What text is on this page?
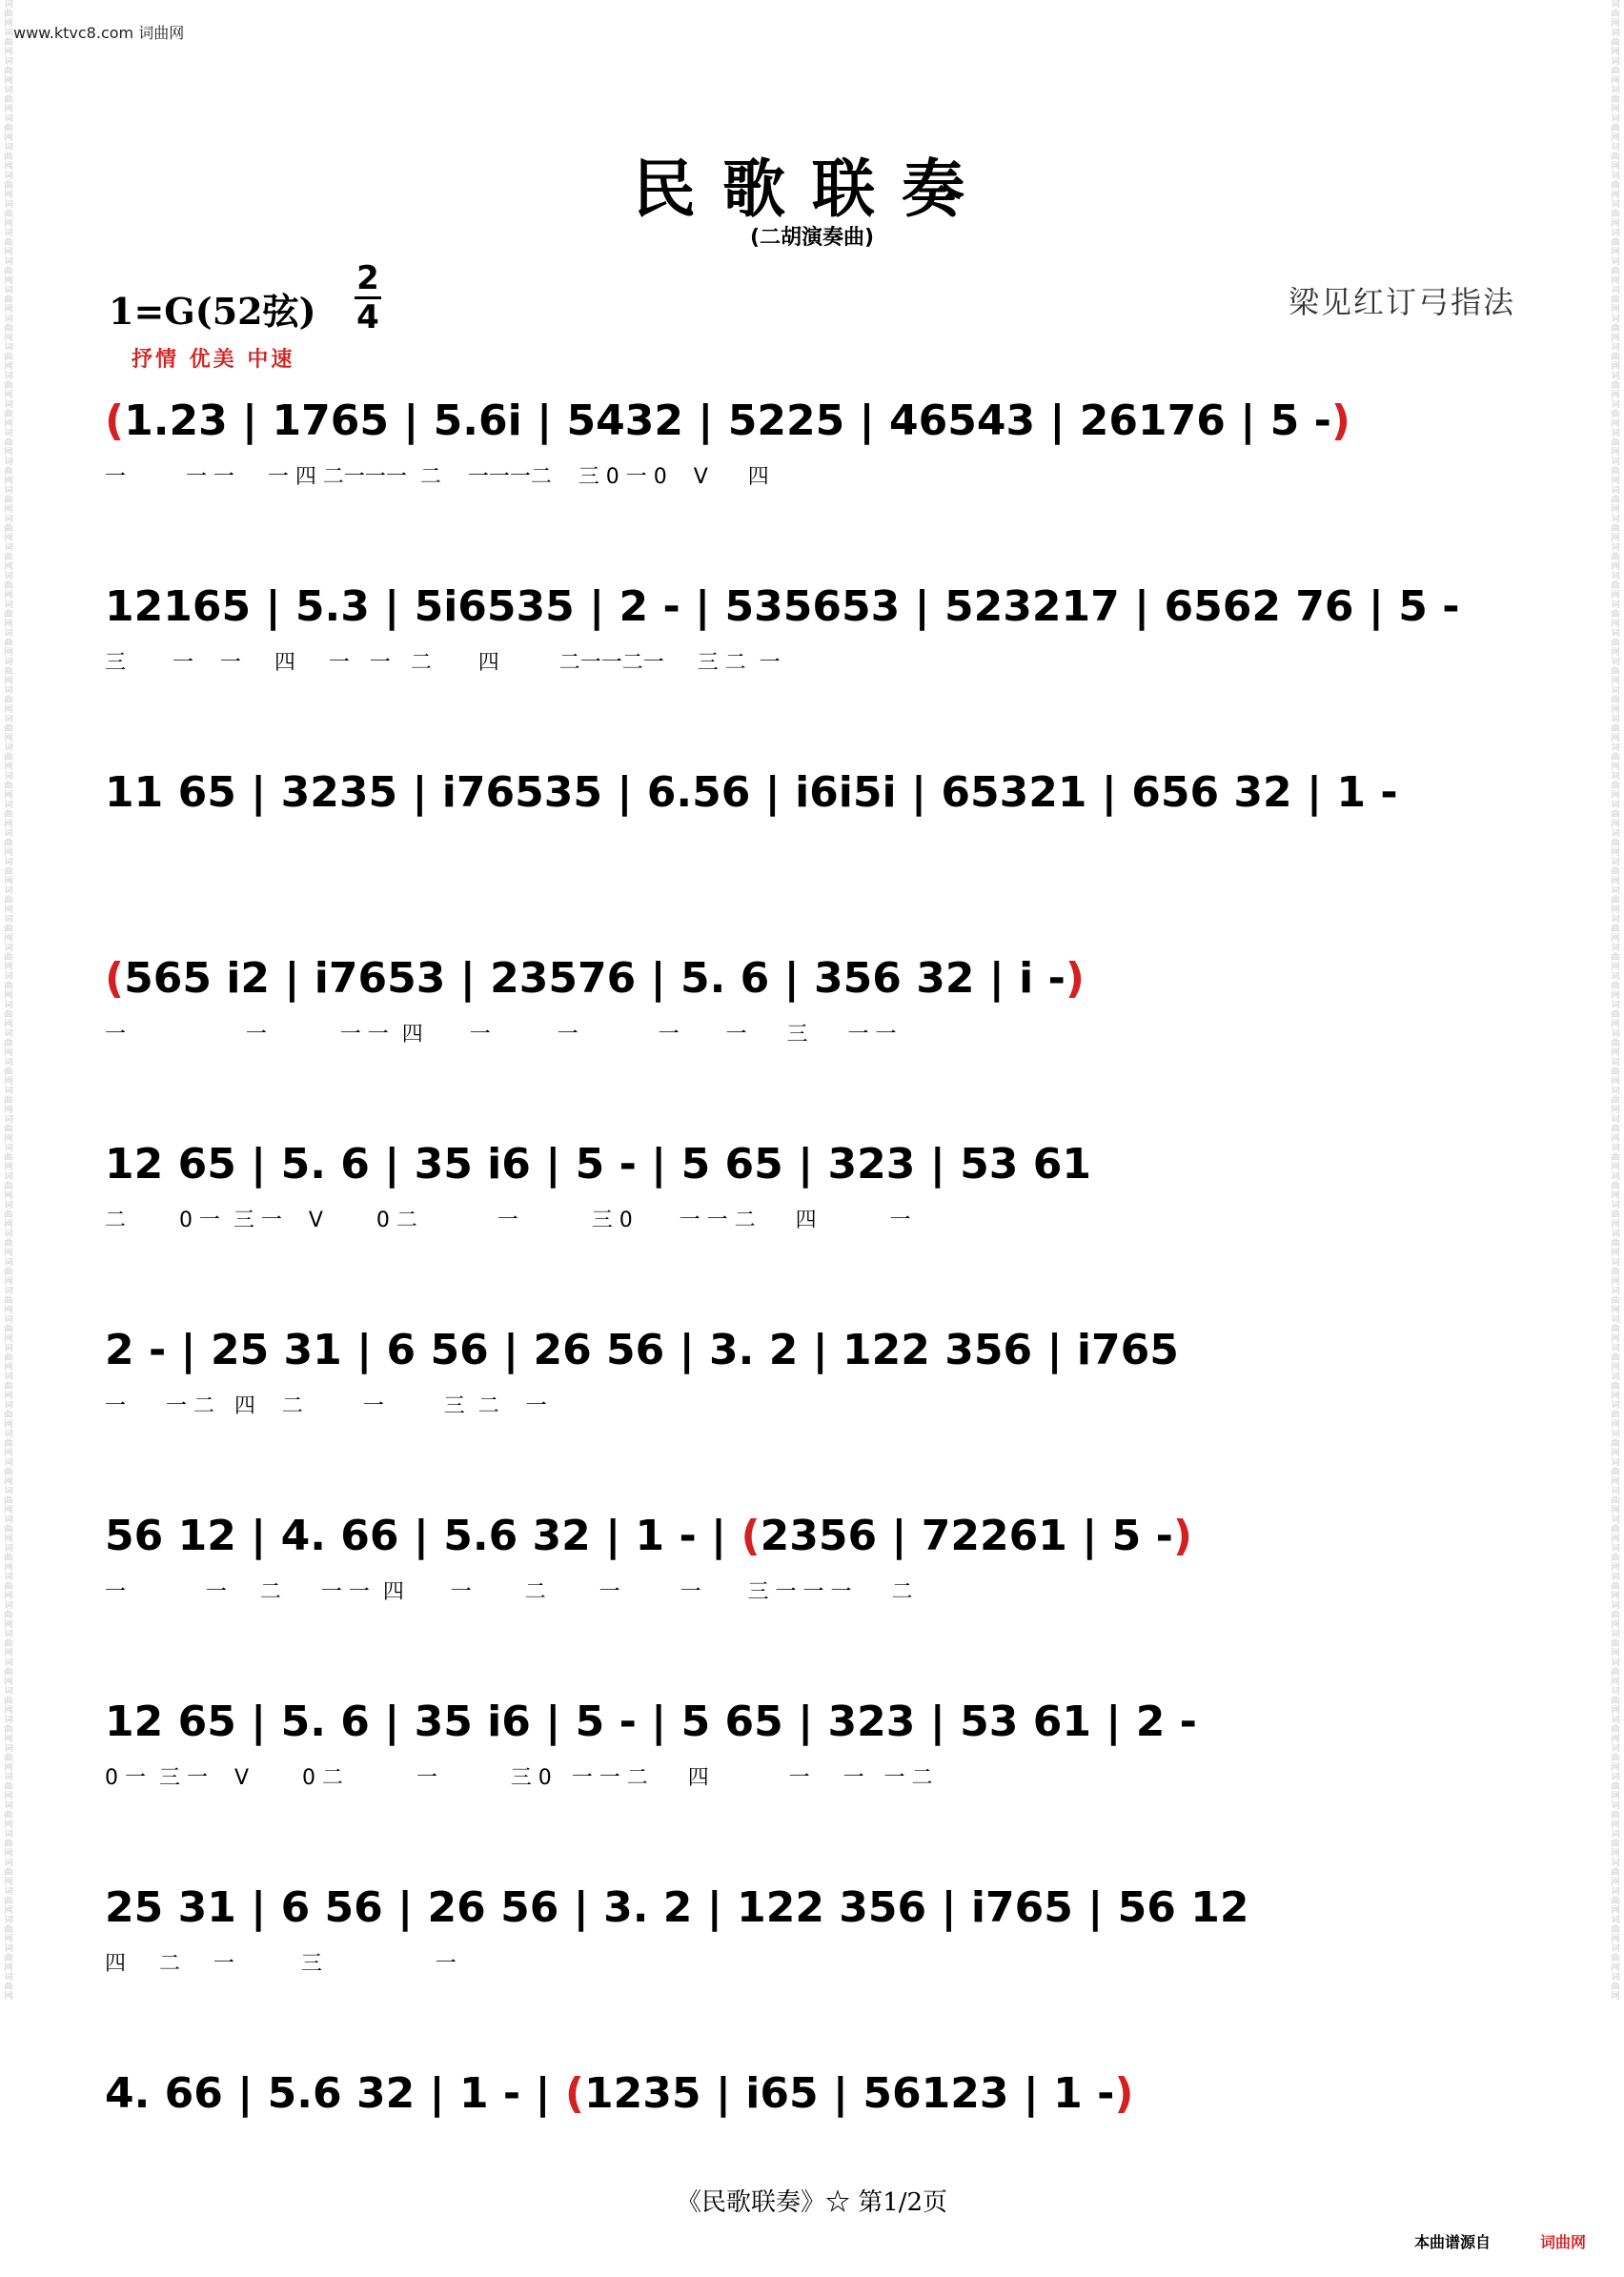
词
曲
网
词
曲
网
词
曲
网
词
曲
网
词
曲
网
词
曲
网
词
曲
网
词
曲
网
词
曲
网
词
曲
网
词
曲
网
词
曲
网
词
曲
网
词
曲
网
词
曲
网
词
曲
网
词
曲
网
词
曲
网
词
曲
网
词
曲
网
词
曲
网
词
曲
网
词
曲
网
词
曲
网
词
曲
网
词
曲
网
词
曲
网
词
曲
网
词
曲
网
词
曲
网
词
曲
网
词
曲
网
词
曲
网
词
曲
网
词
曲
网
词
曲
网
词
曲
网
词
曲
网
词
曲
网
词
曲
网
词
曲
网
词
曲
网
词
曲
网
词
曲
网
词
曲
网
词
曲
网
词
曲
网
词
曲
网
词
曲
网
词
曲
网
词
曲
网
词
曲
网
词
曲
网
词
曲
网
词
曲
网
词
曲
网
词
曲
网
词
曲
网
词
曲
网
词
曲
网
词
曲
网
词
曲
网
词
曲
网
词
曲
网
词
曲
网
词
曲
网
词
曲
网
词
曲
网
词
曲
网
词
曲
网
词
曲
网
词
曲
网
词
曲
网
词
曲
网
词
曲
网
词
曲
网
词
曲
网
词
曲
网
词
曲
网
词
曲
网
词
曲
网
词
曲
网
词
曲
网
词
曲
网
词
曲
网
词
曲
网
词
曲
网
词
曲
网
词
曲
网
词
曲
网
词
曲
网
词
曲
网
词
曲
网
词
曲
网
词
曲
网
词
曲
网
词
曲
网
词
曲
网
词
曲
网
词
曲
网
词
曲
网
词
曲
网
词
曲
网
词
曲
网
词
曲
网
词
曲
网
词
曲
网
词
曲
网
词
曲
网
词
曲
网
词
曲
网
词
曲
网
词
曲
网
词
曲
网
词
曲
网
词
曲
网
词
曲
网
词
曲
网
词
曲
网
词
曲
网
词
曲
网
词
曲
网
词
曲
网
词
曲
网
词
曲
网
词
曲
网
词
曲
网
词
曲
网
词
曲
网
词
曲
网
词
曲
网
词
曲
网
词
曲
网
词
曲
网
词
曲
网
词
曲
网
词
曲
网
词
曲
网
词
曲
网
词
曲
网
www.ktvc8.com 词曲网
民歌联奏
(二胡演奏曲)
1=G(52弦)
2
4	梁见红订弓指法
抒情 优美 中速
(1.23 | 1765 | 5.6i | 5432 | 5225 | 46543 | 26176 | 5 -)
一         一 一     一 四 二一一一  二    一一一二    三 0 一 0    V      四
12165 | 5.3 | 5i6535 | 2 - | 535653 | 523217 | 6562 76 | 5 -
三       一    一     四     一   一   二       四         二一一二一     三 二  一
11 65 | 3235 | i76535 | 6.56 | i6i5i | 65321 | 656 32 | 1 -
(565 i2 | i7653 | 23576 | 5. 6 | 356 32 | i -)
一                  一           一 一  四       一          一            一       一      三      一 一
12 65 | 5. 6 | 35 i6 | 5 - | 5 65 | 323 | 53 61
二        0 一  三 一    V        0 二            一           三 0       一 一 二      四           一
2 - | 25 31 | 6 56 | 26 56 | 3. 2 | 122 356 | i765
一      一 二   四    二         一         三  二    一
56 12 | 4. 66 | 5.6 32 | 1 - | (2356 | 72261 | 5 -)
一            一     二      一 一  四       一        二        一         一       三 一 一 一      二
12 65 | 5. 6 | 35 i6 | 5 - | 5 65 | 323 | 53 61 | 2 -
0 一  三 一    V        0 二           一           三 0   一 一 二      四            一     一   一 二
25 31 | 6 56 | 26 56 | 3. 2 | 122 356 | i765 | 56 12
四     二     一          三                 一
4. 66 | 5.6 32 | 1 - | (1235 | i65 | 56123 | 1 -)
《民歌联奏》☆ 第1/2页
本曲谱源自	词曲网
